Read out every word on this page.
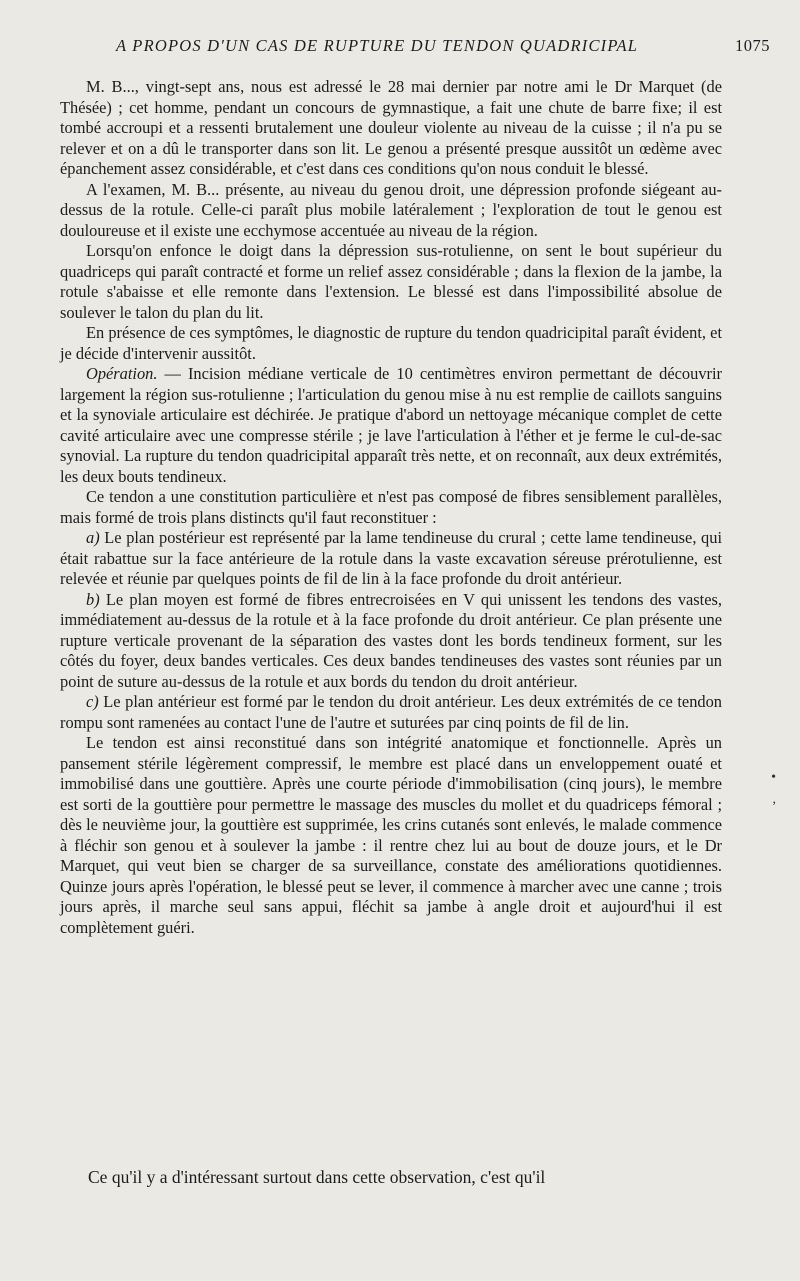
A PROPOS D'UN CAS DE RUPTURE DU TENDON QUADRICIPAL	1075

M. B..., vingt-sept ans, nous est adressé le 28 mai dernier par notre ami le Dr Marquet (de Thésée) ; cet homme, pendant un concours de gymnastique, a fait une chute de barre fixe; il est tombé accroupi et a ressenti brutalement une douleur violente au niveau de la cuisse ; il n'a pu se relever et on a dû le transporter dans son lit. Le genou a présenté presque aussitôt un œdème avec épanchement assez considérable, et c'est dans ces conditions qu'on nous conduit le blessé.

A l'examen, M. B... présente, au niveau du genou droit, une dépression profonde siégeant au-dessus de la rotule. Celle-ci paraît plus mobile latéralement ; l'exploration de tout le genou est douloureuse et il existe une ecchymose accentuée au niveau de la région.

Lorsqu'on enfonce le doigt dans la dépression sus-rotulienne, on sent le bout supérieur du quadriceps qui paraît contracté et forme un relief assez considérable ; dans la flexion de la jambe, la rotule s'abaisse et elle remonte dans l'extension. Le blessé est dans l'impossibilité absolue de soulever le talon du plan du lit.

En présence de ces symptômes, le diagnostic de rupture du tendon quadricipital paraît évident, et je décide d'intervenir aussitôt.

Opération. — Incision médiane verticale de 10 centimètres environ permettant de découvrir largement la région sus-rotulienne ; l'articulation du genou mise à nu est remplie de caillots sanguins et la synoviale articulaire est déchirée. Je pratique d'abord un nettoyage mécanique complet de cette cavité articulaire avec une compresse stérile ; je lave l'articulation à l'éther et je ferme le cul-de-sac synovial. La rupture du tendon quadricipital apparaît très nette, et on reconnaît, aux deux extrémités, les deux bouts tendineux.

Ce tendon a une constitution particulière et n'est pas composé de fibres sensiblement parallèles, mais formé de trois plans distincts qu'il faut reconstituer :

a) Le plan postérieur est représenté par la lame tendineuse du crural ; cette lame tendineuse, qui était rabattue sur la face antérieure de la rotule dans la vaste excavation séreuse prérotulienne, est relevée et réunie par quelques points de fil de lin à la face profonde du droit antérieur.

b) Le plan moyen est formé de fibres entrecroisées en V qui unissent les tendons des vastes, immédiatement au-dessus de la rotule et à la face profonde du droit antérieur. Ce plan présente une rupture verticale provenant de la séparation des vastes dont les bords tendineux forment, sur les côtés du foyer, deux bandes verticales. Ces deux bandes tendineuses des vastes sont réunies par un point de suture au-dessus de la rotule et aux bords du tendon du droit antérieur.

c) Le plan antérieur est formé par le tendon du droit antérieur. Les deux extrémités de ce tendon rompu sont ramenées au contact l'une de l'autre et suturées par cinq points de fil de lin.

Le tendon est ainsi reconstitué dans son intégrité anatomique et fonctionnelle. Après un pansement stérile légèrement compressif, le membre est placé dans un enveloppement ouaté et immobilisé dans une gouttière. Après une courte période d'immobilisation (cinq jours), le membre est sorti de la gouttière pour permettre le massage des muscles du mollet et du quadriceps fémoral ; dès le neuvième jour, la gouttière est supprimée, les crins cutanés sont enlevés, le malade commence à fléchir son genou et à soulever la jambe : il rentre chez lui au bout de douze jours, et le Dr Marquet, qui veut bien se charger de sa surveillance, constate des améliorations quotidiennes. Quinze jours après l'opération, le blessé peut se lever, il commence à marcher avec une canne ; trois jours après, il marche seul sans appui, fléchit sa jambe à angle droit et aujourd'hui il est complètement guéri.

Ce qu'il y a d'intéressant surtout dans cette observation, c'est qu'il

•
,
